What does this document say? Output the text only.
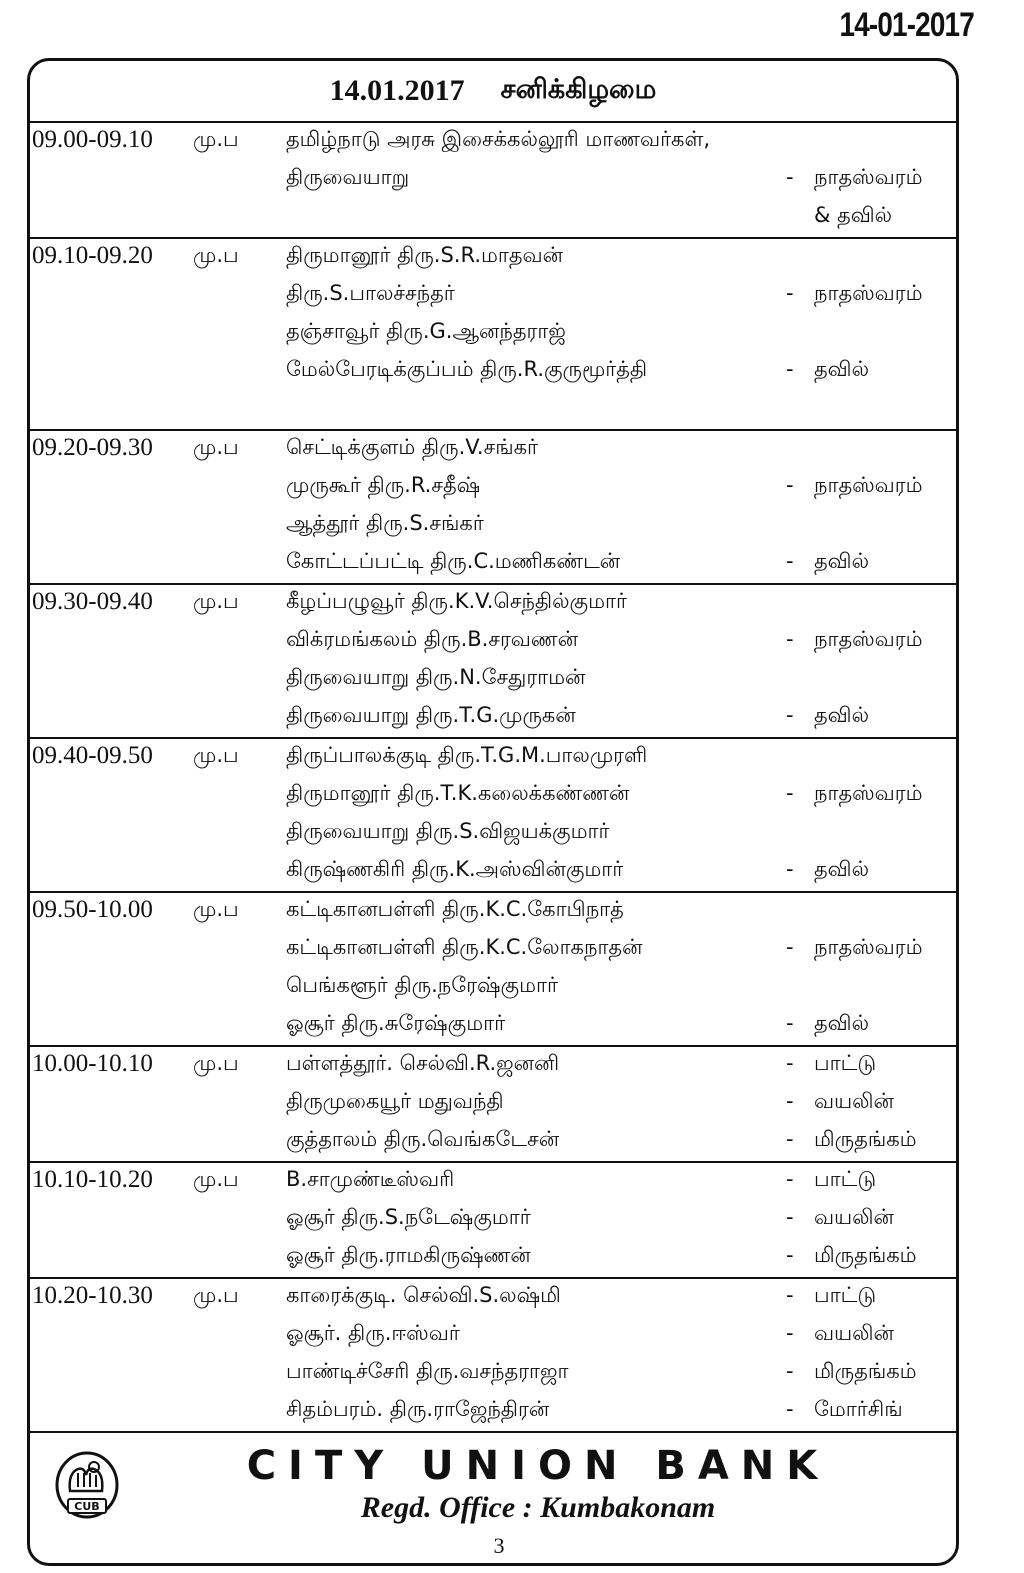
14-01-2017
14.01.2017 சனிக்கிழமை
09.00-09.10 மு.ப தமிழ்நாடு அரசு இசைக்கல்லூரி மாணவர்கள்,
திருவையாறு	- நாதஸ்வரம்
& தவில்
09.10-09.20 மு.ப திருமானூர் திரு.S.R.மாதவன்
திரு.S.பாலச்சந்தர்	- நாதஸ்வரம்
தஞ்சாவூர் திரு.G.ஆனந்தராஜ்
மேல்பேரடிக்குப்பம் திரு.R.குருமூர்த்தி	- தவில்
09.20-09.30 மு.ப செட்டிக்குளம் திரு.V.சங்கர்
முருகூர் திரு.R.சதீஷ்	- நாதஸ்வரம்
ஆத்தூர் திரு.S.சங்கர்
கோட்டப்பட்டி திரு.C.மணிகண்டன்	- தவில்
09.30-09.40 மு.ப கீழப்பழுவூர் திரு.K.V.செந்தில்குமார்
விக்ரமங்கலம் திரு.B.சரவணன்	- நாதஸ்வரம்
திருவையாறு திரு.N.சேதுராமன்
திருவையாறு திரு.T.G.முருகன்	- தவில்
09.40-09.50 மு.ப திருப்பாலக்குடி திரு.T.G.M.பாலமுரளி
திருமானூர் திரு.T.K.கலைக்கண்ணன்	- நாதஸ்வரம்
திருவையாறு திரு.S.விஜயக்குமார்
கிருஷ்ணகிரி திரு.K.அஸ்வின்குமார்	- தவில்
09.50-10.00 மு.ப கட்டிகானபள்ளி திரு.K.C.கோபிநாத்
கட்டிகானபள்ளி திரு.K.C.லோகநாதன்	- நாதஸ்வரம்
பெங்களூர் திரு.நரேஷ்குமார்
ஓசூர் திரு.சுரேஷ்குமார்	- தவில்
10.00-10.10 மு.ப பள்ளத்தூர். செல்வி.R.ஜனனி	- பாட்டு
திருமுகையூர் மதுவந்தி	- வயலின்
குத்தாலம் திரு.வெங்கடேசன்	- மிருதங்கம்
10.10-10.20 மு.ப B.சாமுண்டீஸ்வரி	- பாட்டு
ஓசூர் திரு.S.நடேஷ்குமார்	- வயலின்
ஓசூர் திரு.ராமகிருஷ்ணன்	- மிருதங்கம்
10.20-10.30 மு.ப காரைக்குடி. செல்வி.S.லஷ்மி	- பாட்டு
ஓசூர். திரு.ஈஸ்வர்	- வயலின்
பாண்டிச்சேரி திரு.வசந்தராஜா	- மிருதங்கம்
சிதம்பரம். திரு.ராஜேந்திரன்	- மோர்சிங்
CUB
CITY UNION BANK
Regd. Office : Kumbakonam
3
